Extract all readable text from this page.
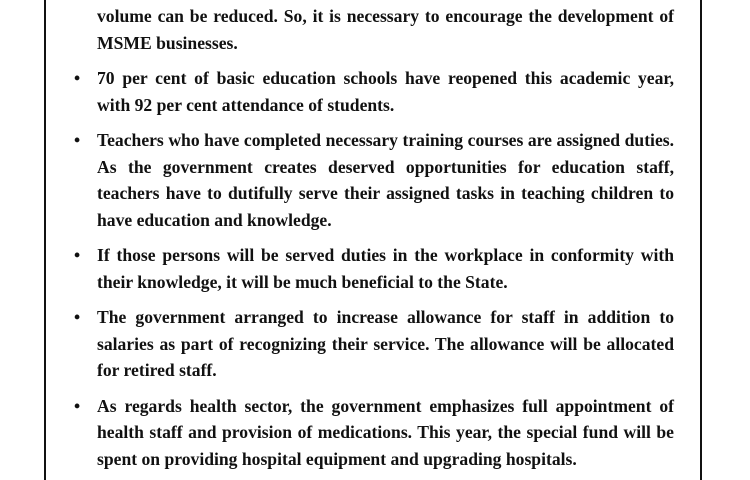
volume can be reduced. So, it is necessary to encourage the development of MSME businesses.

• 70 per cent of basic education schools have reopened this academic year, with 92 per cent attendance of students.
• Teachers who have completed necessary training courses are assigned duties. As the government creates deserved opportunities for education staff, teachers have to dutifully serve their assigned tasks in teaching children to have education and knowledge.
• If those persons will be served duties in the workplace in conformity with their knowledge, it will be much beneficial to the State.
• The government arranged to increase allowance for staff in addition to salaries as part of recognizing their service. The allowance will be allocated for retired staff.
• As regards health sector, the government emphasizes full appointment of health staff and provision of medications. This year, the special fund will be spent on providing hospital equipment and upgrading hospitals.
